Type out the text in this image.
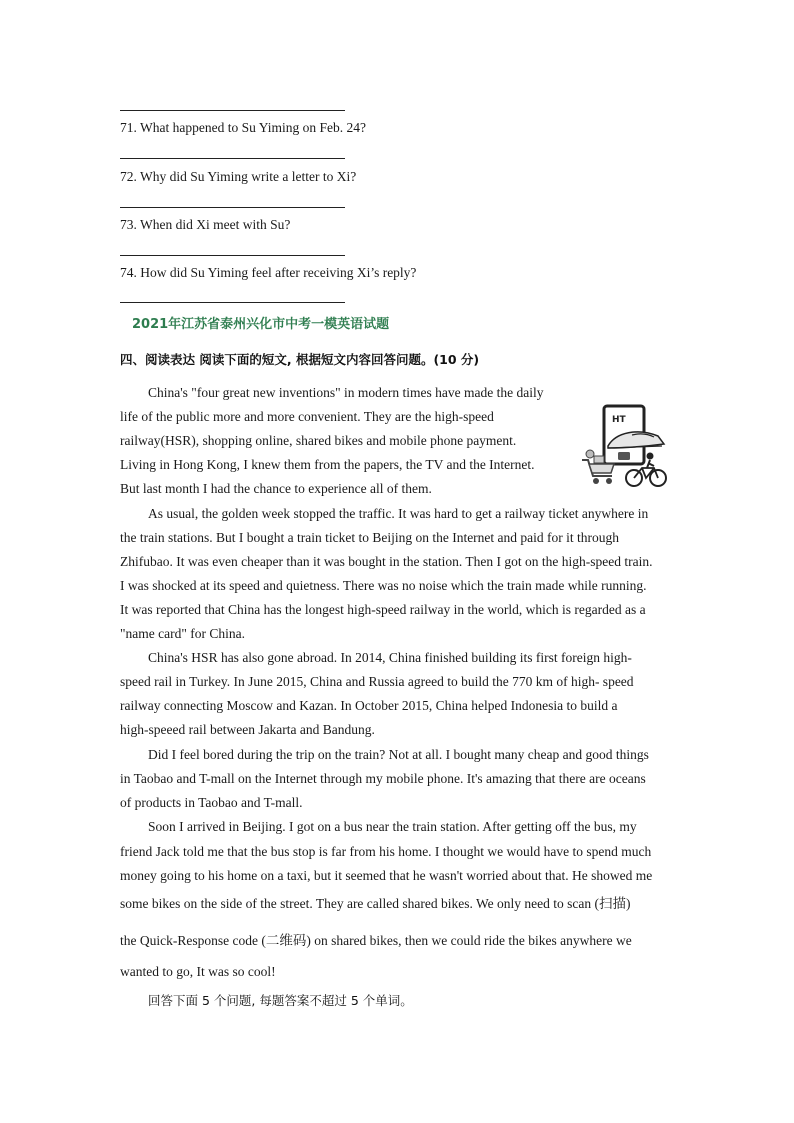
71. What happened to Su Yiming on Feb. 24?
72. Why did Su Yiming write a letter to Xi?
73. When did Xi meet with Su?
74. How did Su Yiming feel after receiving Xi’s reply?
2021年江苏省泰州兴化市中考一模英语试题
四、阅读表达 阅读下面的短文, 根据短文内容回答问题。(10 分)
China's "four great new inventions" in modern times have made the daily
life of the public more and more convenient. They are the high-speed
railway(HSR), shopping online, shared bikes and mobile phone payment.
Living in Hong Kong, I knew them from the papers, the TV and the Internet.
But last month I had the chance to experience all of them.
As usual, the golden week stopped the traffic. It was hard to get a railway ticket anywhere in
the train stations. But I bought a train ticket to Beijing on the Internet and paid for it through
Zhifubao. It was even cheaper than it was bought in the station. Then I got on the high-speed train.
I was shocked at its speed and quietness. There was no noise which the train made while running.
It was reported that China has the longest high-speed railway in the world, which is regarded as a
"name card" for China.
China's HSR has also gone abroad. In 2014, China finished building its first foreign high-
speed rail in Turkey. In June 2015, China and Russia agreed to build the 770 km of high- speed
railway connecting Moscow and Kazan. In October 2015, China helped Indonesia to build a
high-speeed rail between Jakarta and Bandung.
Did I feel bored during the trip on the train? Not at all. I bought many cheap and good things
in Taobao and T-mall on the Internet through my mobile phone. It's amazing that there are oceans
of products in Taobao and T-mall.
Soon I arrived in Beijing. I got on a bus near the train station. After getting off the bus, my
friend Jack told me that the bus stop is far from his home. I thought we would have to spend much
money going to his home on a taxi, but it seemed that he wasn't worried about that. He showed me
some bikes on the side of the street. They are called shared bikes. We only need to scan (扫描)
the Quick-Response code (二维码) on shared bikes, then we could ride the bikes anywhere we
wanted to go, It was so cool!
回答下面 5 个问题, 每题答案不超过 5 个单词。
HT
